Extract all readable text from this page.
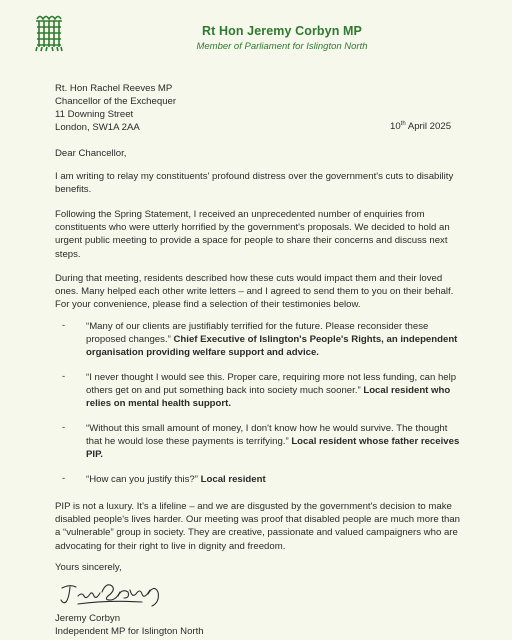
Rt Hon Jeremy Corbyn MP
Member of Parliament for Islington North
Rt. Hon Rachel Reeves MP
Chancellor of the Exchequer
11 Downing Street
London, SW1A 2AA	10th April 2025
Dear Chancellor,

I am writing to relay my constituents' profound distress over the government's cuts to disability benefits.

Following the Spring Statement, I received an unprecedented number of enquiries from constituents who were utterly horrified by the government's proposals. We decided to hold an urgent public meeting to provide a space for people to share their concerns and discuss next steps.

During that meeting, residents described how these cuts would impact them and their loved ones. Many helped each other write letters – and I agreed to send them to you on their behalf. For your convenience, please find a selection of their testimonies below.

- “Many of our clients are justifiably terrified for the future. Please reconsider these proposed changes.” Chief Executive of Islington's People's Rights, an independent organisation providing welfare support and advice.

- “I never thought I would see this. Proper care, requiring more not less funding, can help others get on and put something back into society much sooner.” Local resident who relies on mental health support.

- “Without this small amount of money, I don't know how he would survive. The thought that he would lose these payments is terrifying.” Local resident whose father receives PIP.

- “How can you justify this?” Local resident

PIP is not a luxury. It's a lifeline – and we are disgusted by the government's decision to make disabled people's lives harder. Our meeting was proof that disabled people are much more than a “vulnerable” group in society. They are creative, passionate and valued campaigners who are advocating for their right to live in dignity and freedom.

Yours sincerely,
Jeremy Corbyn
Independent MP for Islington North
